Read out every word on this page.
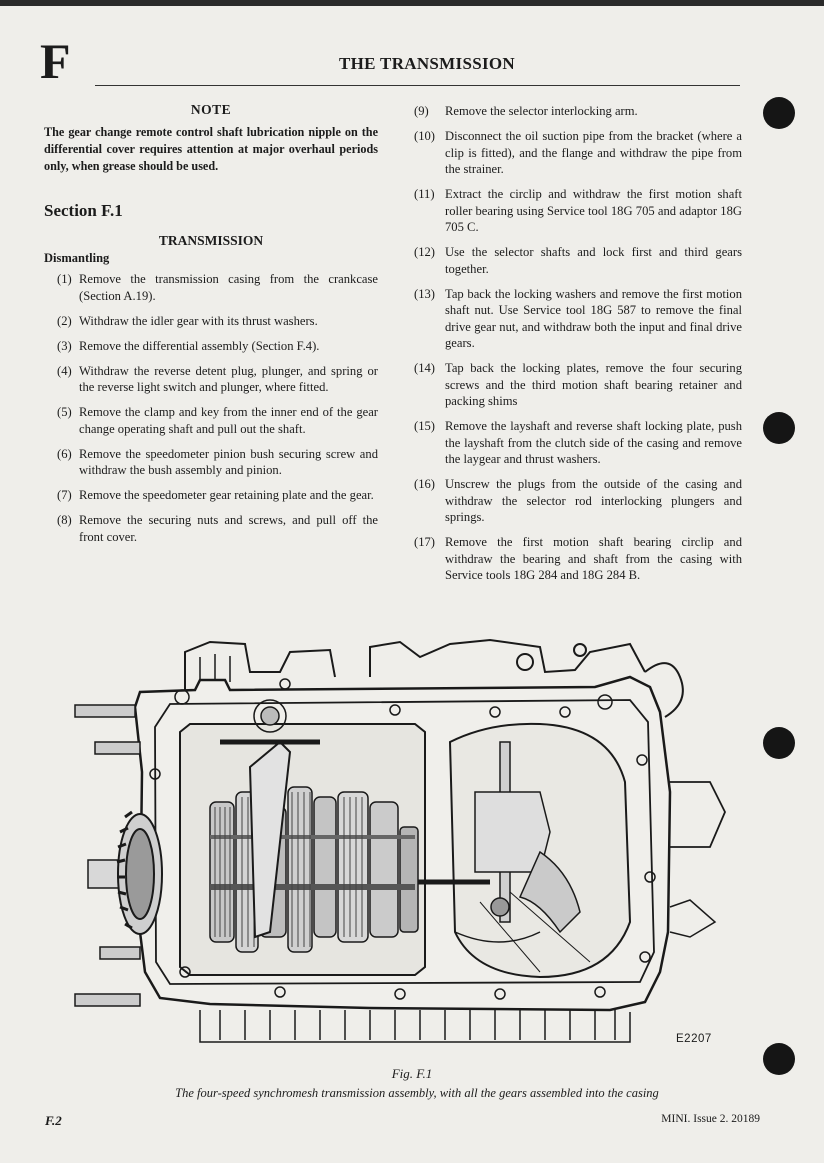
F	THE TRANSMISSION
NOTE
The gear change remote control shaft lubrication nipple on the differential cover requires attention at major overhaul periods only, when grease should be used.
Section F.1
TRANSMISSION
Dismantling
(1) Remove the transmission casing from the crankcase (Section A.19).
(2) Withdraw the idler gear with its thrust washers.
(3) Remove the differential assembly (Section F.4).
(4) Withdraw the reverse detent plug, plunger, and spring or the reverse light switch and plunger, where fitted.
(5) Remove the clamp and key from the inner end of the gear change operating shaft and pull out the shaft.
(6) Remove the speedometer pinion bush securing screw and withdraw the bush assembly and pinion.
(7) Remove the speedometer gear retaining plate and the gear.
(8) Remove the securing nuts and screws, and pull off the front cover.
(9)	Remove the selector interlocking arm.
(10) Disconnect the oil suction pipe from the bracket (where a clip is fitted), and the flange and withdraw the pipe from the strainer.
(11) Extract the circlip and withdraw the first motion shaft roller bearing using Service tool 18G 705 and adaptor 18G 705 C.
(12) Use the selector shafts and lock first and third gears together.
(13) Tap back the locking washers and remove the first motion shaft nut. Use Service tool 18G 587 to remove the final drive gear nut, and withdraw both the input and final drive gears.
(14) Tap back the locking plates, remove the four securing screws and the third motion shaft bearing retainer and packing shims
(15) Remove the layshaft and reverse shaft locking plate, push the layshaft from the clutch side of the casing and remove the laygear and thrust washers.
(16) Unscrew the plugs from the outside of the casing and withdraw the selector rod interlocking plungers and springs.
(17) Remove the first motion shaft bearing circlip and withdraw the bearing and shaft from the casing with Service tools 18G 284 and 18G 284 B.
E2207
Fig. F.1
The four-speed synchromesh transmission assembly, with all the gears assembled into the casing
F.2	MINI. Issue 2. 20189
